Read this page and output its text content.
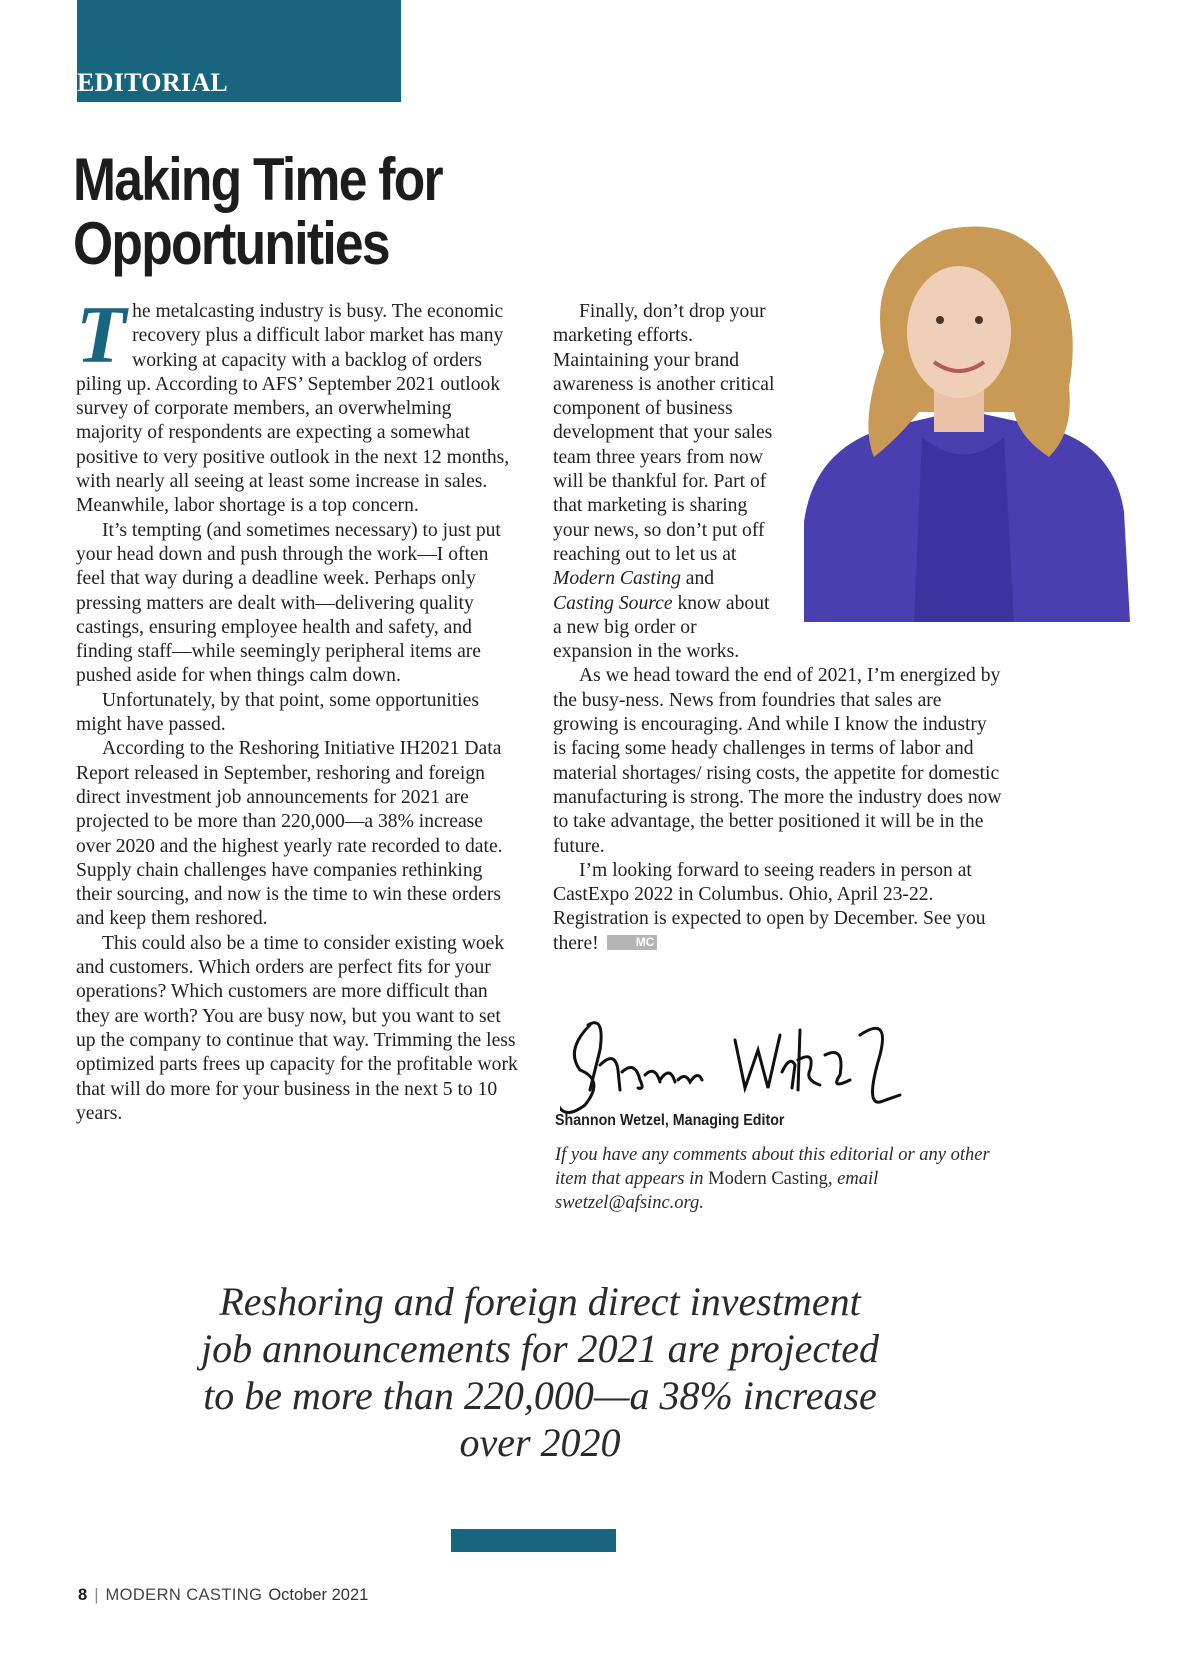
EDITORIAL
Making Time for Opportunities

The metalcasting industry is busy. The economic recovery plus a difficult labor market has many working at capacity with a backlog of orders piling up. According to AFS’ September 2021 outlook survey of corporate members, an overwhelming majority of respondents are expecting a somewhat positive to very positive outlook in the next 12 months, with nearly all seeing at least some increase in sales. Meanwhile, labor shortage is a top concern.

It’s tempting (and sometimes necessary) to just put your head down and push through the work—I often feel that way during a deadline week. Perhaps only pressing matters are dealt with—delivering quality castings, ensuring employee health and safety, and finding staff—while seemingly peripheral items are pushed aside for when things calm down.

Unfortunately, by that point, some opportunities might have passed.

According to the Reshoring Initiative IH2021 Data Report released in September, reshoring and foreign direct investment job announcements for 2021 are projected to be more than 220,000—a 38% increase over 2020 and the highest yearly rate recorded to date. Supply chain challenges have companies rethinking their sourcing, and now is the time to win these orders and keep them reshored.

This could also be a time to consider existing woek and customers. Which orders are perfect fits for your operations? Which customers are more difficult than they are worth? You are busy now, but you want to set up the company to continue that way. Trimming the less optimized parts frees up capacity for the profitable work that will do more for your business in the next 5 to 10 years.

Finally, don’t drop your marketing efforts. Maintaining your brand awareness is another critical component of business development that your sales team three years from now will be thankful for. Part of that marketing is sharing your news, so don’t put off reaching out to let us at Modern Casting and Casting Source know about a new big order or expansion in the works.

As we head toward the end of 2021, I’m energized by the busy-ness. News from foundries that sales are growing is encouraging. And while I know the industry is facing some heady challenges in terms of labor and material shortages/ rising costs, the appetite for domestic manufacturing is strong. The more the industry does now to take advantage, the better positioned it will be in the future.

I’m looking forward to seeing readers in person at CastExpo 2022 in Columbus. Ohio, April 23-22. Registration is expected to open by December. See you there!	MC

Shannon Wetzel, Managing Editor
If you have any comments about this editorial or any other item that appears in Modern Casting, email swetzel@afsinc.org.
Reshoring and foreign direct investment job announcements for 2021 are projected to be more than 220,000—a 38% increase over 2020
8 | MODERN CASTING October 2021
